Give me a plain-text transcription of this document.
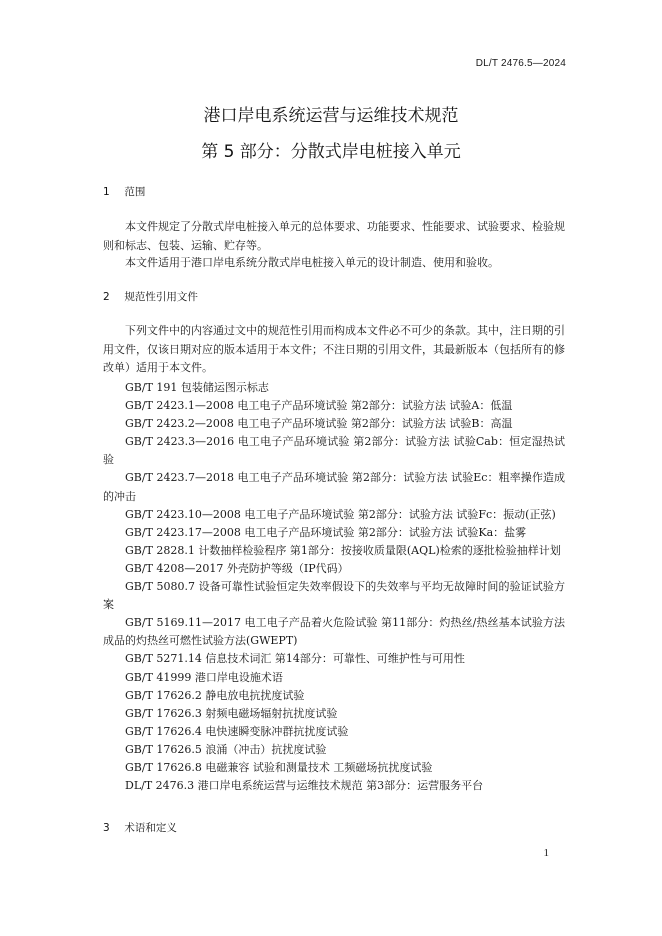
DL/T 2476.5—2024
港口岸电系统运营与运维技术规范
第 5 部分：分散式岸电桩接入单元
1 范围
本文件规定了分散式岸电桩接入单元的总体要求、功能要求、性能要求、试验要求、检验规则和标志、包装、运输、贮存等。
本文件适用于港口岸电系统分散式岸电桩接入单元的设计制造、使用和验收。
2 规范性引用文件
下列文件中的内容通过文中的规范性引用而构成本文件必不可少的条款。其中，注日期的引用文件，仅该日期对应的版本适用于本文件；不注日期的引用文件，其最新版本（包括所有的修改单）适用于本文件。
GB/T 191 包装储运图示标志
GB/T 2423.1—2008 电工电子产品环境试验 第2部分：试验方法 试验A：低温
GB/T 2423.2—2008 电工电子产品环境试验 第2部分：试验方法 试验B：高温
GB/T 2423.3—2016 电工电子产品环境试验 第2部分：试验方法 试验Cab：恒定湿热试验
GB/T 2423.7—2018 电工电子产品环境试验 第2部分：试验方法 试验Ec：粗率操作造成的冲击
GB/T 2423.10—2008 电工电子产品环境试验 第2部分：试验方法 试验Fc：振动(正弦)
GB/T 2423.17—2008 电工电子产品环境试验 第2部分：试验方法 试验Ka：盐雾
GB/T 2828.1 计数抽样检验程序 第1部分：按接收质量限(AQL)检索的逐批检验抽样计划
GB/T 4208—2017 外壳防护等级（IP代码）
GB/T 5080.7 设备可靠性试验恒定失效率假设下的失效率与平均无故障时间的验证试验方案
GB/T 5169.11—2017 电工电子产品着火危险试验 第11部分：灼热丝/热丝基本试验方法成品的灼热丝可燃性试验方法(GWEPT)
GB/T 5271.14 信息技术词汇 第14部分：可靠性、可维护性与可用性
GB/T 41999 港口岸电设施术语
GB/T 17626.2 静电放电抗扰度试验
GB/T 17626.3 射频电磁场辐射抗扰度试验
GB/T 17626.4 电快速瞬变脉冲群抗扰度试验
GB/T 17626.5 浪涌（冲击）抗扰度试验
GB/T 17626.8 电磁兼容 试验和测量技术 工频磁场抗扰度试验
DL/T 2476.3 港口岸电系统运营与运维技术规范 第3部分：运营服务平台
3 术语和定义
1
